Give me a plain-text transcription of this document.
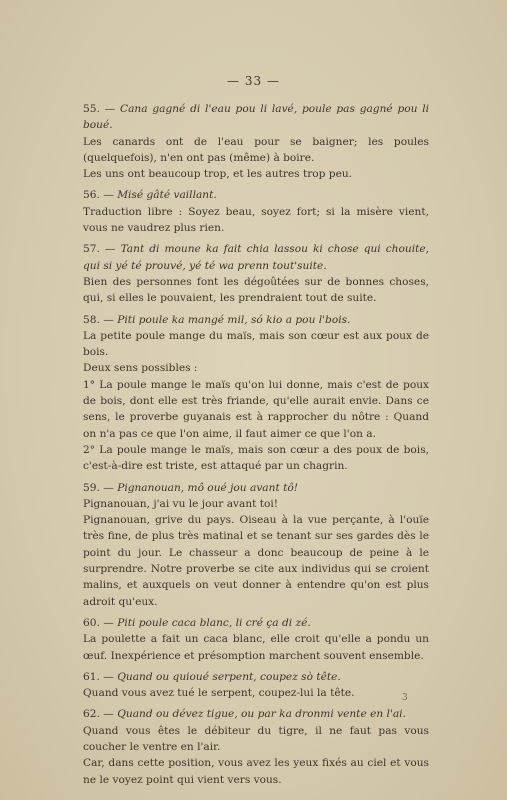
— 33 —

55. — Cana gagné di l'eau pou li lavé, poule pas gagné pou li boué.

Les canards ont de l'eau pour se baigner; les poules (quelquefois), n'en ont pas (même) à boire.

Les uns ont beaucoup trop, et les autres trop peu.

56. — Misé gâté vaillant.

Traduction libre : Soyez beau, soyez fort; si la misère vient, vous ne vaudrez plus rien.

57. — Tant di moune ka fait chia lassou ki chose qui chouite, qui si yé té prouvé, yé té wa prenn tout'suite.

Bien des personnes font les dégoûtées sur de bonnes choses, qui, si elles le pouvaient, les prendraient tout de suite.

58. — Piti poule ka mangé mil, só kio a pou l'bois.

La petite poule mange du maïs, mais son cœur est aux poux de bois.

Deux sens possibles :

1° La poule mange le maïs qu'on lui donne, mais c'est de poux de bois, dont elle est très friande, qu'elle aurait envie. Dans ce sens, le proverbe guyanais est à rapprocher du nôtre : Quand on n'a pas ce que l'on aime, il faut aimer ce que l'on a.

2° La poule mange le maïs, mais son cœur a des poux de bois, c'est-à-dire est triste, est attaqué par un chagrin.

59. — Pignanouan, mô oué jou avant tô!

Pignanouan, j'ai vu le jour avant toi!

Pignanouan, grive du pays. Oiseau à la vue perçante, à l'ouïe très fine, de plus très matinal et se tenant sur ses gardes dès le point du jour. Le chasseur a donc beaucoup de peine à le surprendre. Notre proverbe se cite aux individus qui se croient malins, et auxquels on veut donner à entendre qu'on est plus adroit qu'eux.

60. — Piti poule caca blanc, li cré ça di zé.

La poulette a fait un caca blanc, elle croit qu'elle a pondu un œuf. Inexpérience et présomption marchent souvent ensemble.

61. — Quand ou quioué serpent, coupez sò tête.

Quand vous avez tué le serpent, coupez-lui la tête.

62. — Quand ou dévez tigue, ou par ka dronmi vente en l'ai.

Quand vous êtes le débiteur du tigre, il ne faut pas vous coucher le ventre en l'air.

Car, dans cette position, vous avez les yeux fixés au ciel et vous ne le voyez point qui vient vers vous.

3
